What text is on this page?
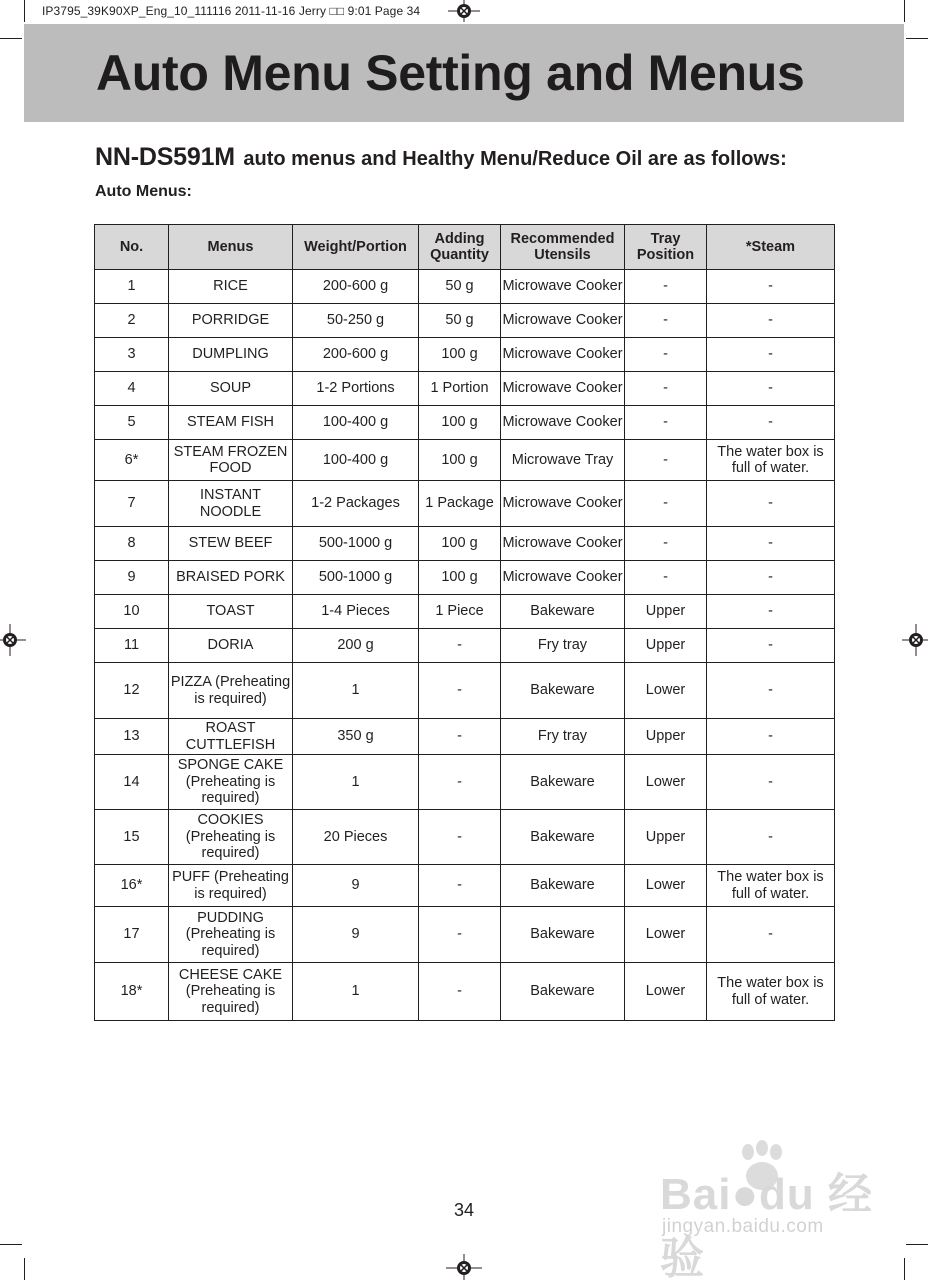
IP3795_39K90XP_Eng_10_111116 2011-11-16 Jerry □□ 9:01 Page 34
Auto Menu Setting and Menus
NN-DS591M auto menus and Healthy Menu/Reduce Oil are as follows:
Auto Menus:
No.	Menus	Weight/Portion	Adding Quantity	Recommended Utensils	Tray Position	*Steam
1	RICE	200-600 g	50 g	Microwave Cooker	-	-
2	PORRIDGE	50-250 g	50 g	Microwave Cooker	-	-
3	DUMPLING	200-600 g	100 g	Microwave Cooker	-	-
4	SOUP	1-2 Portions	1 Portion	Microwave Cooker	-	-
5	STEAM FISH	100-400 g	100 g	Microwave Cooker	-	-
6*	STEAM FROZEN FOOD	100-400 g	100 g	Microwave Tray	-	The water box is full of water.
7	INSTANT NOODLE	1-2 Packages	1 Package	Microwave Cooker	-	-
8	STEW BEEF	500-1000 g	100 g	Microwave Cooker	-	-
9	BRAISED PORK	500-1000 g	100 g	Microwave Cooker	-	-
10	TOAST	1-4 Pieces	1 Piece	Bakeware	Upper	-
11	DORIA	200 g	-	Fry tray	Upper	-
12	PIZZA (Preheating is required)	1	-	Bakeware	Lower	-
13	ROAST CUTTLEFISH	350 g	-	Fry tray	Upper	-
14	SPONGE CAKE (Preheating is required)	1	-	Bakeware	Lower	-
15	COOKIES (Preheating is required)	20 Pieces	-	Bakeware	Upper	-
16*	PUFF (Preheating is required)	9	-	Bakeware	Lower	The water box is full of water.
17	PUDDING (Preheating is required)	9	-	Bakeware	Lower	-
18*	CHEESE CAKE (Preheating is required)	1	-	Bakeware	Lower	The water box is full of water.
34	Bai●du 经验
jingyan.baidu.com
